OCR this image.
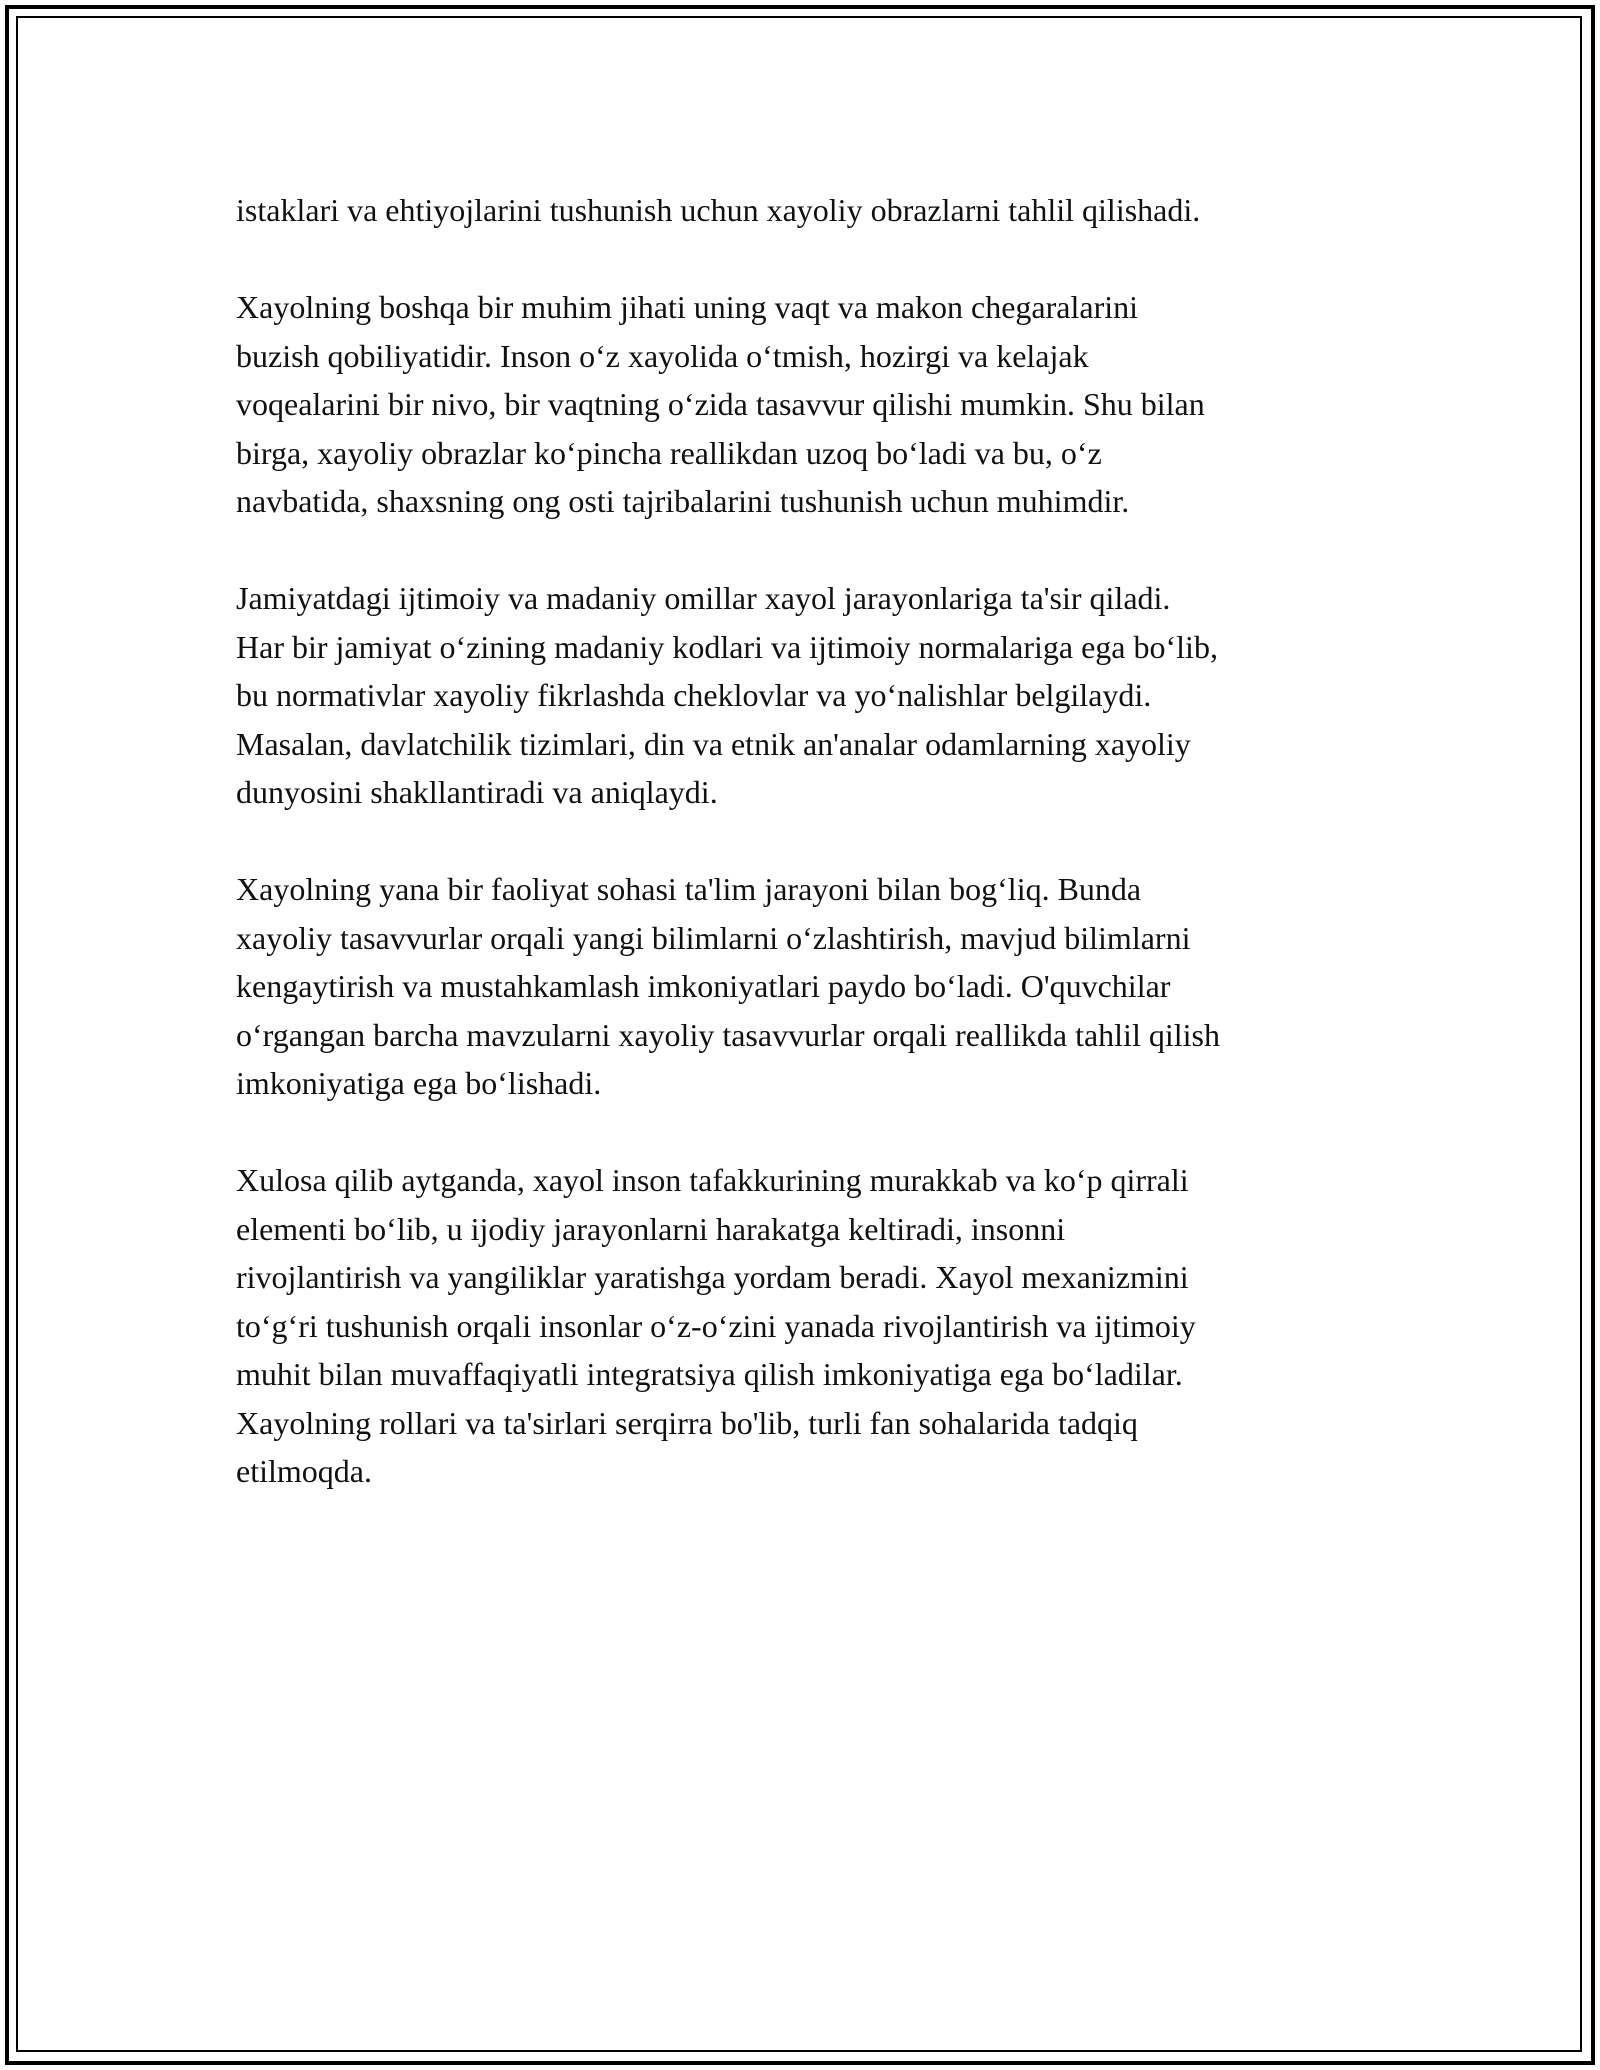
istaklari va ehtiyojlarini tushunish uchun xayoliy obrazlarni tahlil qilishadi.

Xayolning boshqa bir muhim jihati uning vaqt va makon chegaralarini
buzish qobiliyatidir. Inson o‘z xayolida o‘tmish, hozirgi va kelajak
voqealarini bir nivo, bir vaqtning o‘zida tasavvur qilishi mumkin. Shu bilan
birga, xayoliy obrazlar ko‘pincha reallikdan uzoq bo‘ladi va bu, o‘z
navbatida, shaxsning ong osti tajribalarini tushunish uchun muhimdir.

Jamiyatdagi ijtimoiy va madaniy omillar xayol jarayonlariga ta'sir qiladi.
Har bir jamiyat o‘zining madaniy kodlari va ijtimoiy normalariga ega bo‘lib,
bu normativlar xayoliy fikrlashda cheklovlar va yo‘nalishlar belgilaydi.
Masalan, davlatchilik tizimlari, din va etnik an'analar odamlarning xayoliy
dunyosini shakllantiradi va aniqlaydi.

Xayolning yana bir faoliyat sohasi ta'lim jarayoni bilan bog‘liq. Bunda
xayoliy tasavvurlar orqali yangi bilimlarni o‘zlashtirish, mavjud bilimlarni
kengaytirish va mustahkamlash imkoniyatlari paydo bo‘ladi. O'quvchilar
o‘rgangan barcha mavzularni xayoliy tasavvurlar orqali reallikda tahlil qilish
imkoniyatiga ega bo‘lishadi.

Xulosa qilib aytganda, xayol inson tafakkurining murakkab va ko‘p qirrali
elementi bo‘lib, u ijodiy jarayonlarni harakatga keltiradi, insonni
rivojlantirish va yangiliklar yaratishga yordam beradi. Xayol mexanizmini
to‘g‘ri tushunish orqali insonlar o‘z-o‘zini yanada rivojlantirish va ijtimoiy
muhit bilan muvaffaqiyatli integratsiya qilish imkoniyatiga ega bo‘ladilar.
Xayolning rollari va ta'sirlari serqirra bo'lib, turli fan sohalarida tadqiq
etilmoqda.
